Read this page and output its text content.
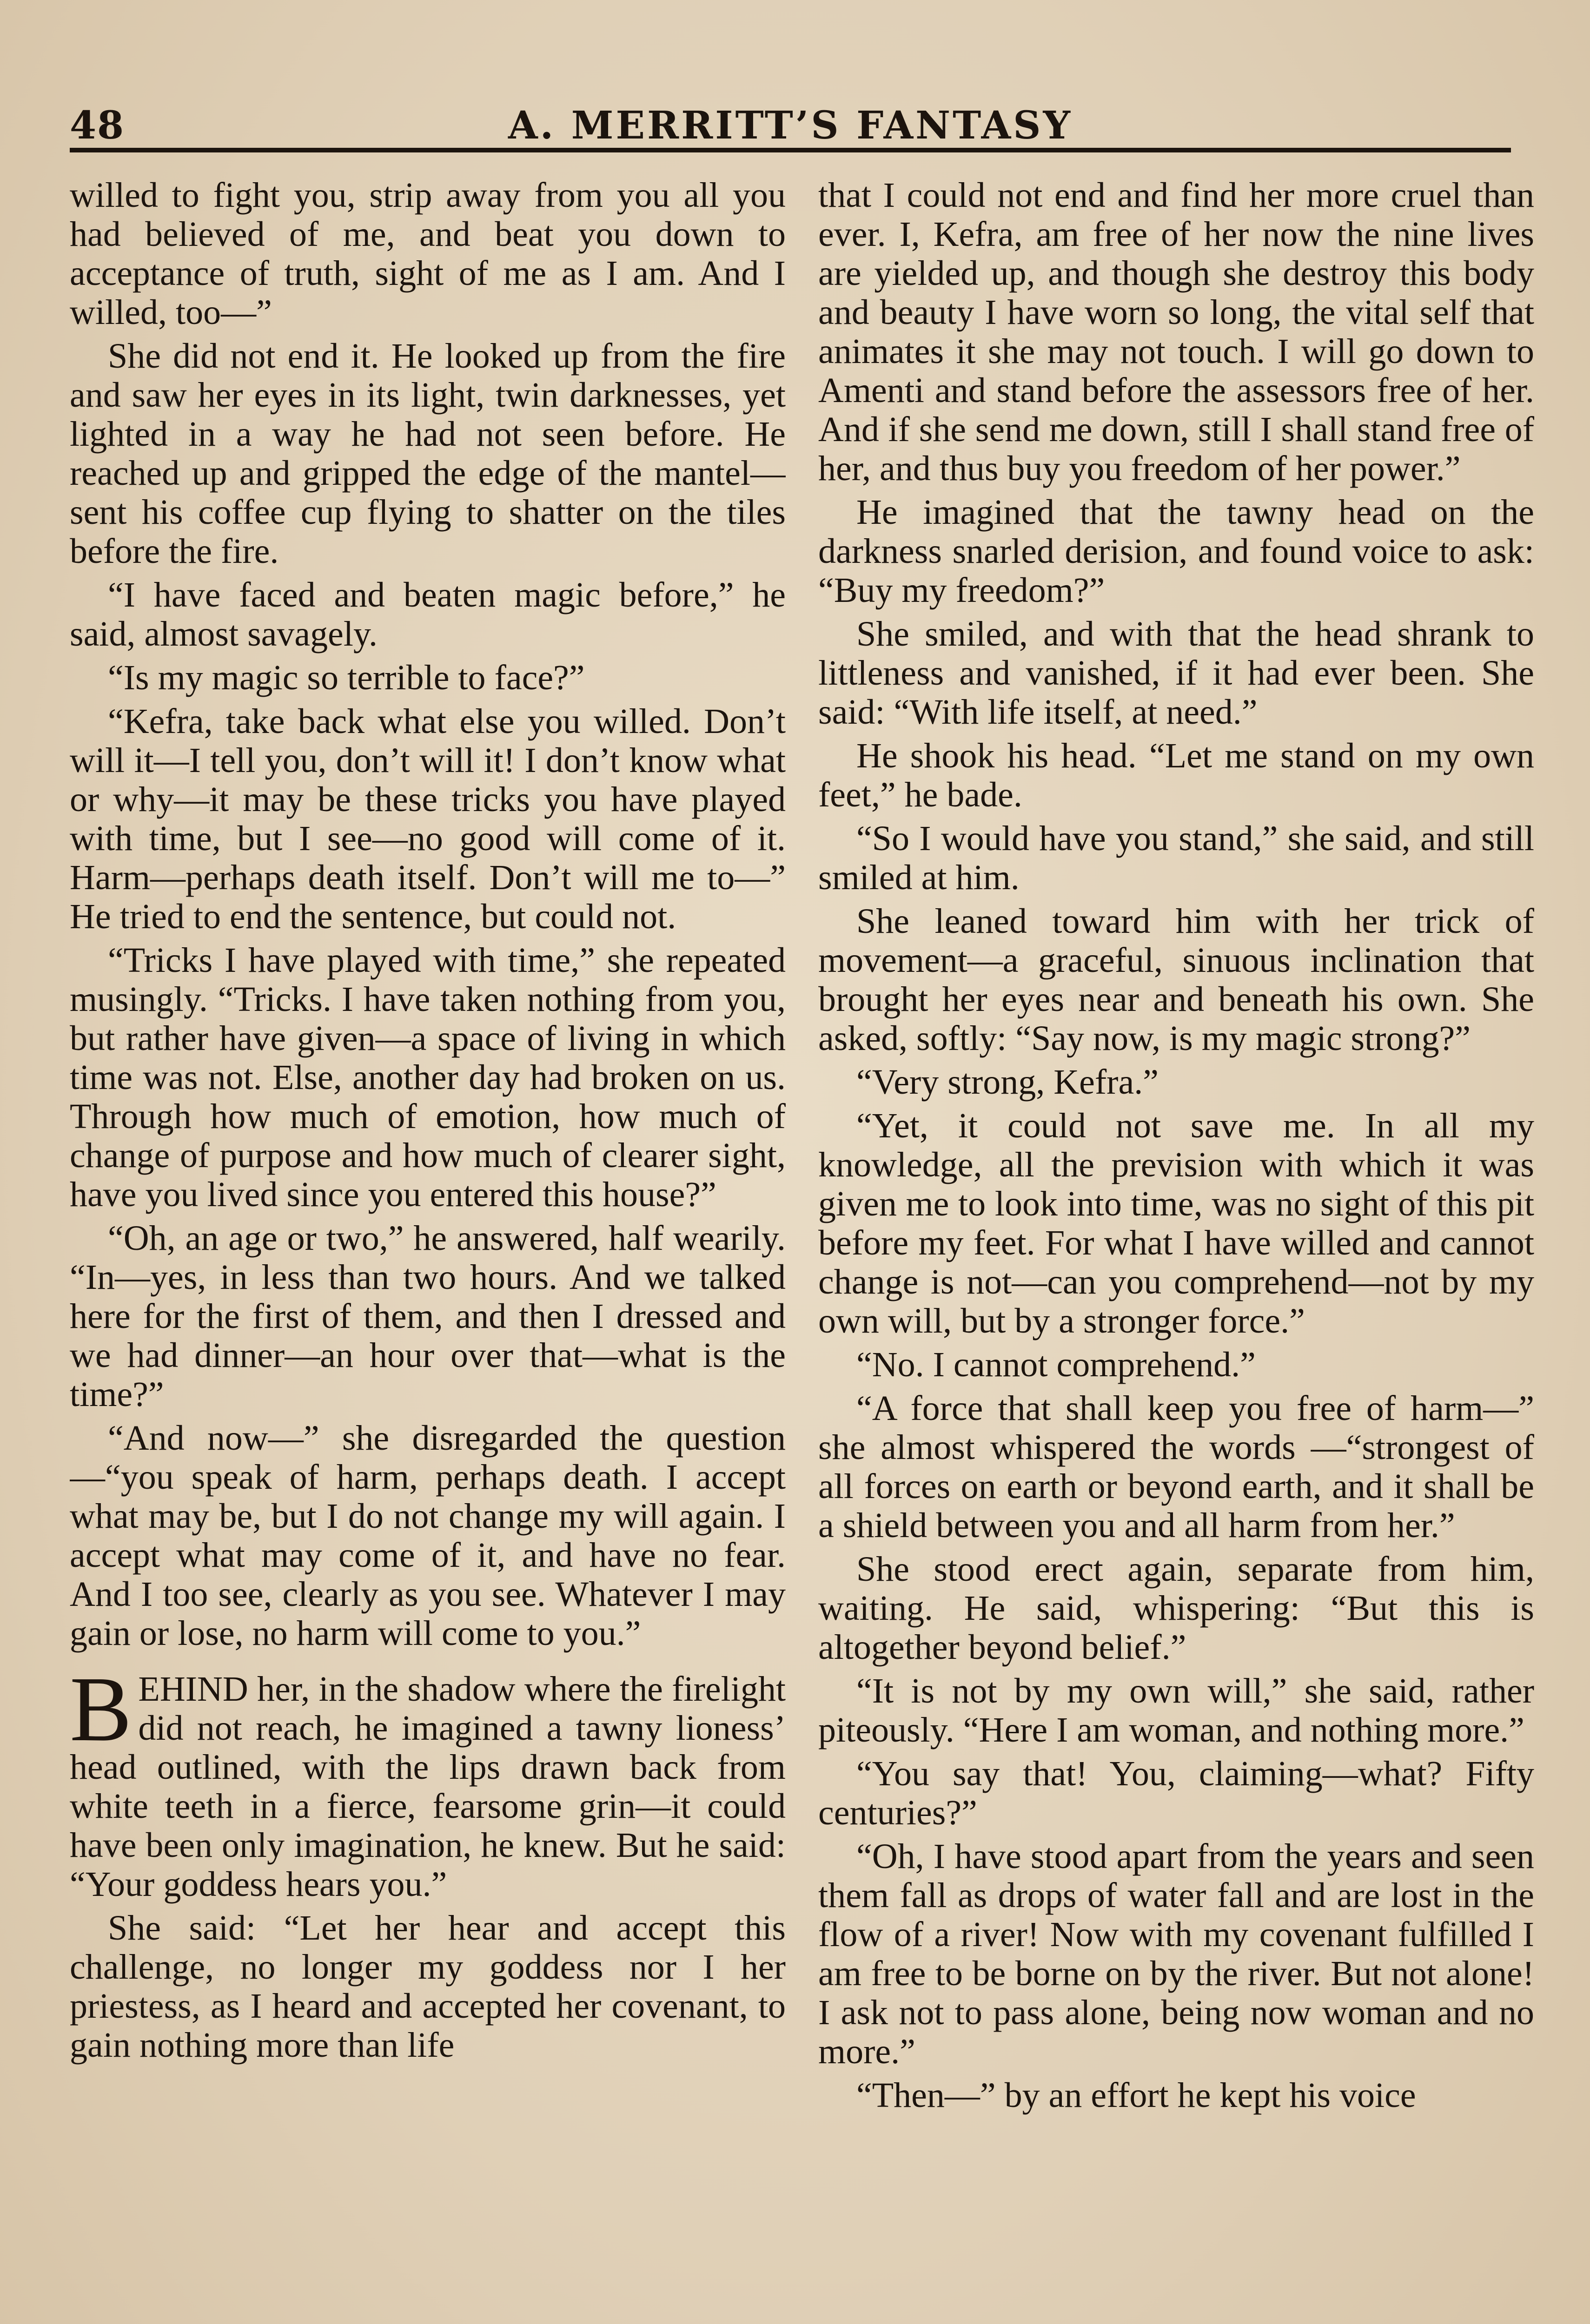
48	A. MERRITT’S FANTASY

willed to fight you, strip away from you all you had believed of me, and beat you down to acceptance of truth, sight of me as I am. And I willed, too—”

She did not end it. He looked up from the fire and saw her eyes in its light, twin darknesses, yet lighted in a way he had not seen before. He reached up and gripped the edge of the mantel—sent his coffee cup flying to shatter on the tiles before the fire.

“I have faced and beaten magic before,” he said, almost savagely.

“Is my magic so terrible to face?”

“Kefra, take back what else you willed. Don’t will it—I tell you, don’t will it! I don’t know what or why—it may be these tricks you have played with time, but I see—no good will come of it. Harm—perhaps death itself. Don’t will me to—” He tried to end the sentence, but could not.

“Tricks I have played with time,” she repeated musingly. “Tricks. I have taken nothing from you, but rather have given—a space of living in which time was not. Else, another day had broken on us. Through how much of emotion, how much of change of purpose and how much of clearer sight, have you lived since you entered this house?”

“Oh, an age or two,” he answered, half wearily. “In—yes, in less than two hours. And we talked here for the first of them, and then I dressed and we had dinner—an hour over that—what is the time?”

“And now—” she disregarded the question—“you speak of harm, perhaps death. I accept what may be, but I do not change my will again. I accept what may come of it, and have no fear. And I too see, clearly as you see. Whatever I may gain or lose, no harm will come to you.”

BEHIND her, in the shadow where the firelight did not reach, he imagined a tawny lioness’ head outlined, with the lips drawn back from white teeth in a fierce, fearsome grin—it could have been only imagination, he knew. But he said: “Your goddess hears you.”

She said: “Let her hear and accept this challenge, no longer my goddess nor I her priestess, as I heard and accepted her covenant, to gain nothing more than life

that I could not end and find her more cruel than ever. I, Kefra, am free of her now the nine lives are yielded up, and though she destroy this body and beauty I have worn so long, the vital self that animates it she may not touch. I will go down to Amenti and stand before the assessors free of her. And if she send me down, still I shall stand free of her, and thus buy you freedom of her power.”

He imagined that the tawny head on the darkness snarled derision, and found voice to ask: “Buy my freedom?”

She smiled, and with that the head shrank to littleness and vanished, if it had ever been. She said: “With life itself, at need.”

He shook his head. “Let me stand on my own feet,” he bade.

“So I would have you stand,” she said, and still smiled at him.

She leaned toward him with her trick of movement—a graceful, sinuous inclination that brought her eyes near and beneath his own. She asked, softly: “Say now, is my magic strong?”

“Very strong, Kefra.”

“Yet, it could not save me. In all my knowledge, all the prevision with which it was given me to look into time, was no sight of this pit before my feet. For what I have willed and cannot change is not—can you comprehend—not by my own will, but by a stronger force.”

“No. I cannot comprehend.”

“A force that shall keep you free of harm—” she almost whispered the words —“strongest of all forces on earth or beyond earth, and it shall be a shield between you and all harm from her.”

She stood erect again, separate from him, waiting. He said, whispering: “But this is altogether beyond belief.”

“It is not by my own will,” she said, rather piteously. “Here I am woman, and nothing more.”

“You say that! You, claiming—what? Fifty centuries?”

“Oh, I have stood apart from the years and seen them fall as drops of water fall and are lost in the flow of a river! Now with my covenant fulfilled I am free to be borne on by the river. But not alone! I ask not to pass alone, being now woman and no more.”

“Then—” by an effort he kept his voice
